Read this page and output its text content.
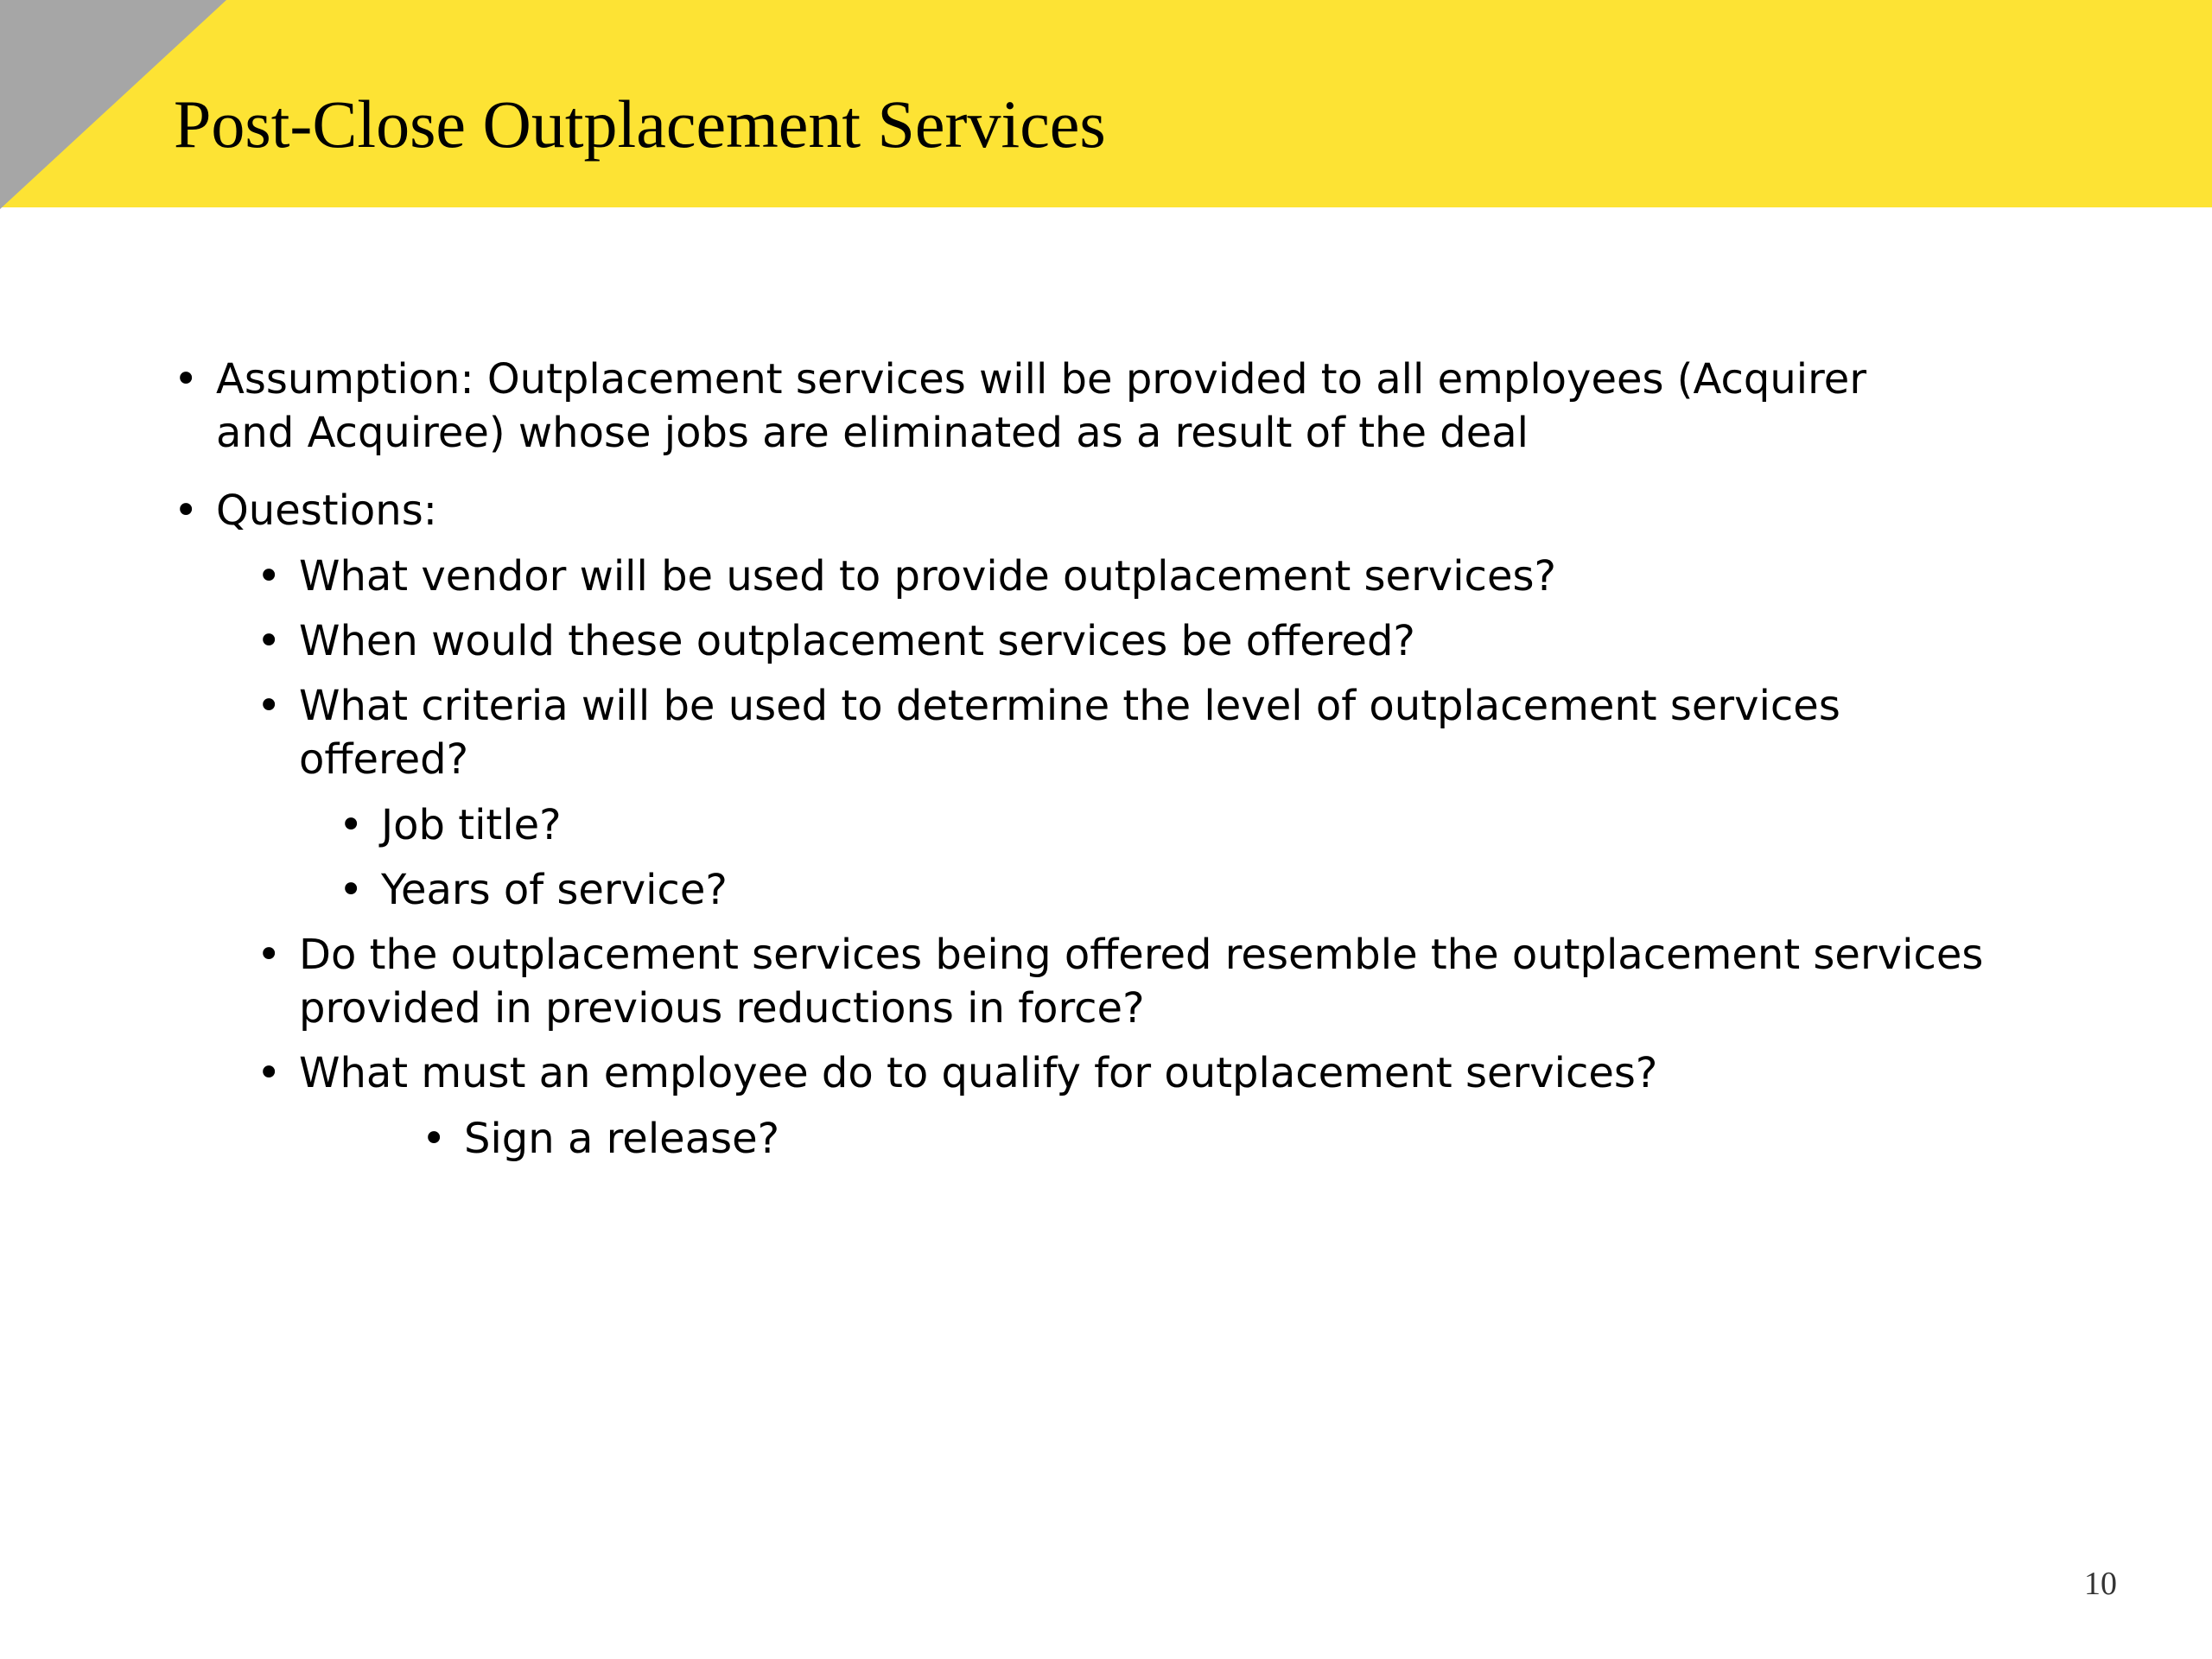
Post-Close Outplacement Services

• Assumption: Outplacement services will be provided to all employees (Acquirer and Acquiree) whose jobs are eliminated as a result of the deal

• Questions:

• What vendor will be used to provide outplacement services?

• When would these outplacement services be offered?

• What criteria will be used to determine the level of outplacement services offered?

• Job title?

• Years of service?

• Do the outplacement services being offered resemble the outplacement services provided in previous reductions in force?

• What must an employee do to qualify for outplacement services?

• Sign a release?

10
